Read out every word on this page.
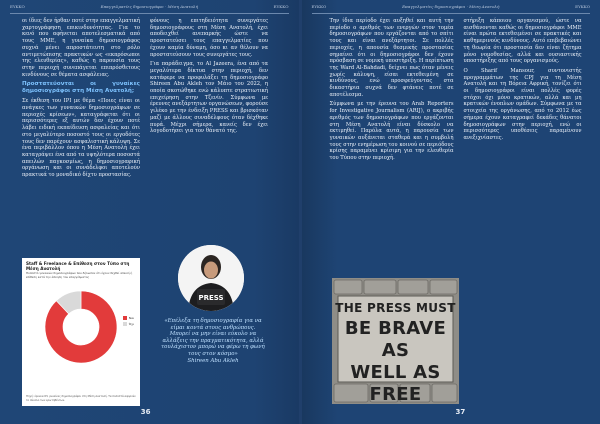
ΕΥΚΚΟ	Επαγγελματίες δημοσιογράφοι · Μέση Ανατολή	ΕΥΚΚΟ

οι ίδιες δεν ήρθαν ποτέ στην επαγγελματική χαρτογράφηση επικινδυνότητας. Για το κενό που αφήνεται αποτελεσματικά από τους ΜΜΕ, η γυναίκα δημοσιογράφος συχνά μένει απροστάτευτη στο ρόλο αντιμετώπισης πρακτικών ως «εκπρόσωποι της ελευθερίας», καθώς η παρουσία τους στην περιοχή συνεπάγεται επιπρόσθετους κινδύνους σε θέματα ασφάλειας.

Προστατεύονται οι γυναίκες δημοσιογράφοι στη Μέση Ανατολή;

Σε έκθεση του ΙΡΙ με θέμα «Ποιες είναι οι ανάγκες των γυναικών δημοσιογράφων σε περιοχές κρίσεων», καταγράφεται ότι οι περισσότερες εξ αυτών δεν έχουν ποτέ λάβει ειδική εκπαίδευση ασφαλείας και ότι στο μεγαλύτερο ποσοστό τους οι εργοδότες τους δεν παρέχουν ασφαλιστική κάλυψη. Σε ένα περιβάλλον όπου η Μέση Ανατολή έχει καταγράψει ένα από τα υψηλότερα ποσοστά απειλών παγκοσμίως, η δημοσιογραφική οργάνωση και οι συνάδελφοι αποτελούν πρακτικά το μοναδικό δίχτυ προστασίας.

φόνους η επιτηδειότητα συνεργάτες δημοσιογράφους στη Μέση Ανατολή, έχει αποδειχθεί ανεπαρκής ώστε να προστατεύσει τους επαγγελματίες που έχουν καμία δύναμη, όσο κι αν θέλουν να προστατεύσουν τους συνεργάτες τους.

Για παράδειγμα, το Al Jazeera, ένα από τα μεγαλύτερα δίκτυα στην περιοχή, δεν κατάφερε να προφυλάξει τη δημοσιογράφο Shireen Abu Akleh τον Μάιο του 2022, η οποία σκοτώθηκε ενώ κάλυπτε στρατιωτική επιχείρηση στην Τζενίν. Σύμφωνα με έρευνες ανεξάρτητων οργανώσεων, φορούσε γιλέκο με την ένδειξη PRESS και βρισκόταν μαζί με άλλους συναδέλφους όταν δέχθηκε πυρά. Μέχρι σήμερα, κανείς δεν έχει λογοδοτήσει για τον θάνατό της.

Staff & Freelance & Επίθεση στον Τύπο στη Μέση Ανατολή
Ποσοστό γυναικών δημοσιογράφων που δήλωσαν ότι έχουν δεχθεί απειλή ή επίθεση κατά την άσκηση του επαγγέλματος
Ναι
Όχι
Πηγή: έρευνα ΙΡΙ, γυναίκες δημοσιογράφοι στη Μέση Ανατολή. Τα ποσοστά αφορούν το σύνολο των ερωτηθέντων.
PRESS
«Επέλεξα τη δημοσιογραφία για να είμαι κοντά στους ανθρώπους. Μπορεί να μην είναι εύκολο να αλλάξεις την πραγματικότητα, αλλά τουλάχιστον μπορώ να φέρω τη φωνή τους στον κόσμο»
Shireen Abu Akleh
36
ΕΥΚΚΟ	Επαγγελματίες δημοσιογράφοι · Μέση Ανατολή	ΕΥΚΚΟ

Την ίδια περίοδο έχει αυξηθεί και αυτή την περίοδο ο αριθμός των ενεργών στον τομέα δημοσιογράφων που εργάζονται από το σπίτι τους και είναι ανεξάρτητοι. Σε πολλές περιοχές, η απουσία θεσμικής προστασίας σημαίνει ότι οι δημοσιογράφοι δεν έχουν πρόσβαση σε νομική υποστήριξη. Η περίπτωση της Ward Al-Bahdadi, δείχνει πως όταν μένεις χωρίς κάλυψη, είσαι εκτεθειμένη σε κινδύνους, ενώ προσφεύγοντας στα δικαστήρια συχνά δεν φτάνεις ποτέ σε αποτέλεσμα.

Σύμφωνα με την έρευνα του Arab Reporters for Investigative Journalism (ARIJ), ο ακριβής αριθμός των δημοσιογράφων που εργάζονται στη Μέση Ανατολή είναι δύσκολο να εκτιμηθεί. Παρόλα αυτά, η παρουσία των γυναικών αυξάνεται σταθερά και η συμβολή τους στην ενημέρωση του κοινού σε περιόδους κρίσης παραμένει κρίσιμη για την ελευθερία του Τύπου στην περιοχή.

στήριξη κάποιου οργανισμού, ώστε να αισθάνονται καθώς οι δημοσιογράφοι ΜΜΕ είναι πρώτα εκτεθειμένοι σε πρακτικές και καθημερινούς κινδύνους. Αυτό επιβεβαιώνει τη θεωρία ότι προστασία δεν είναι ζήτημα μόνο νομοθεσίας, αλλά και ουσιαστικής υποστήριξης από τους οργανισμούς.

Ο Sharif Mansour, συντονιστής προγραμμάτων της CPJ για τη Μέση Ανατολή και τη Βόρεια Αφρική, τονίζει ότι οι δημοσιογράφοι είναι πολλές φορές στόχοι όχι μόνο κρατικών, αλλά και μη κρατικών ένοπλων ομάδων. Σύμφωνα με τα στοιχεία της οργάνωσης, από το 2012 έως σήμερα έχουν καταγραφεί δεκάδες θάνατοι δημοσιογράφων στην περιοχή, ενώ οι περισσότερες υποθέσεις παραμένουν ανεξιχνίαστες.

37
THE PRESS MUST
BE BRAVE AS
WELL AS FREE
